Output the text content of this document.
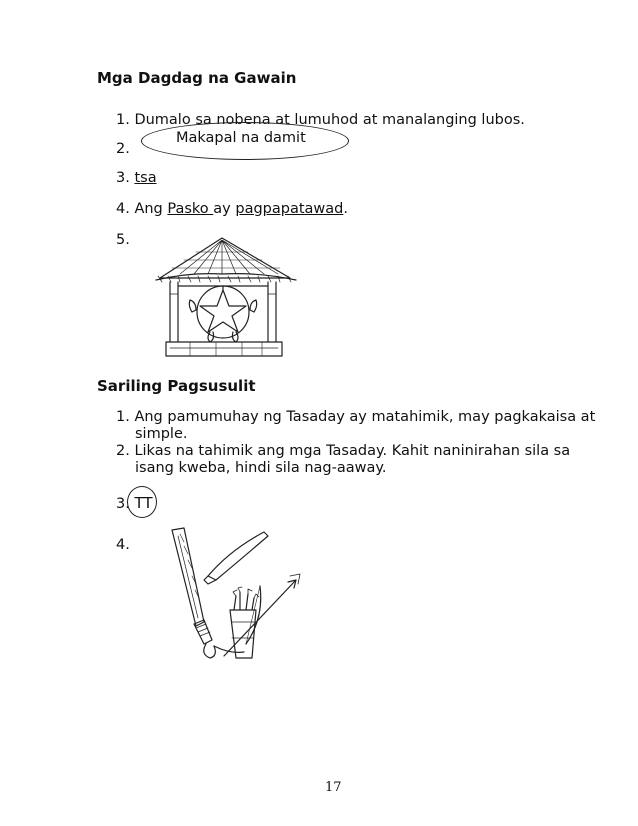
Mga Dagdag na Gawain
1. Dumalo sa nobena at lumuhod at manalanging lubos.
2.
Makapal na damit
3. tsa
4. Ang Pasko ay pagpapatawad.
5.
Sariling Pagsusulit
1. Ang pamumuhay ng Tasaday ay matahimik, may pagkakaisa at
simple.
2. Likas na tahimik ang mga Tasaday. Kahit naninirahan sila sa
isang kweba, hindi sila nag-aaway.
3. TT
4.
17
